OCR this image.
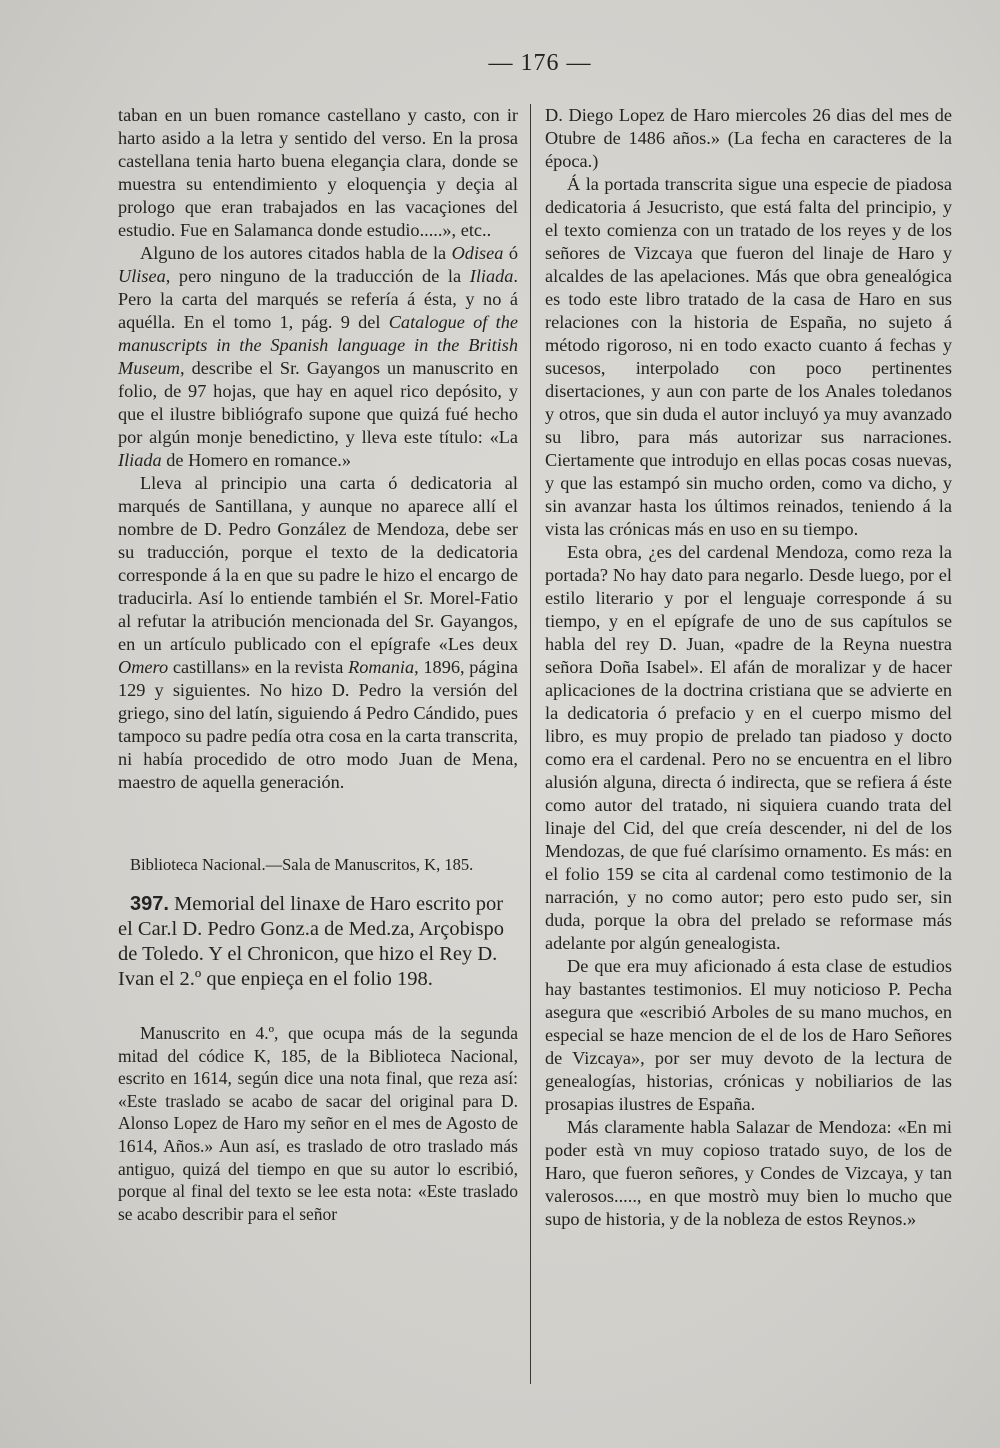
— 176 —

taban en un buen romance castellano y casto, con ir harto asido a la letra y sentido del verso. En la prosa castellana tenia harto buena elegançia clara, donde se muestra su entendimiento y eloquençia y deçia al prologo que eran trabajados en las vacaçiones del estudio. Fue en Salamanca donde estudio.....», etc..

Alguno de los autores citados habla de la Odisea ó Ulisea, pero ninguno de la traducción de la Iliada. Pero la carta del marqués se refería á ésta, y no á aquélla. En el tomo 1, pág. 9 del Catalogue of the manuscripts in the Spanish language in the British Museum, describe el Sr. Gayangos un manuscrito en folio, de 97 hojas, que hay en aquel rico depósito, y que el ilustre bibliógrafo supone que quizá fué hecho por algún monje benedictino, y lleva este título: «La Iliada de Homero en romance.»

Lleva al principio una carta ó dedicatoria al marqués de Santillana, y aunque no aparece allí el nombre de D. Pedro González de Mendoza, debe ser su traducción, porque el texto de la dedicatoria corresponde á la en que su padre le hizo el encargo de traducirla. Así lo entiende también el Sr. Morel-Fatio al refutar la atribución mencionada del Sr. Gayangos, en un artículo publicado con el epígrafe «Les deux Omero castillans» en la revista Romania, 1896, página 129 y siguientes. No hizo D. Pedro la versión del griego, sino del latín, siguiendo á Pedro Cándido, pues tampoco su padre pedía otra cosa en la carta transcrita, ni había procedido de otro modo Juan de Mena, maestro de aquella generación.

Biblioteca Nacional.—Sala de Manuscritos, K, 185.

397. Memorial del linaxe de Haro escrito por el Car.l D. Pedro Gonz.a de Med.za, Arçobispo de Toledo. Y el Chronicon, que hizo el Rey D. Ivan el 2.º que enpieça en el folio 198.

Manuscrito en 4.º, que ocupa más de la segunda mitad del códice K, 185, de la Biblioteca Nacional, escrito en 1614, según dice una nota final, que reza así: «Este traslado se acabo de sacar del original para D. Alonso Lopez de Haro my señor en el mes de Agosto de 1614, Años.» Aun así, es traslado de otro traslado más antiguo, quizá del tiempo en que su autor lo escribió, porque al final del texto se lee esta nota: «Este traslado se acabo describir para el señor

D. Diego Lopez de Haro miercoles 26 dias del mes de Otubre de 1486 años.» (La fecha en caracteres de la época.)

Á la portada transcrita sigue una especie de piadosa dedicatoria á Jesucristo, que está falta del principio, y el texto comienza con un tratado de los reyes y de los señores de Vizcaya que fueron del linaje de Haro y alcaldes de las apelaciones. Más que obra genealógica es todo este libro tratado de la casa de Haro en sus relaciones con la historia de España, no sujeto á método rigoroso, ni en todo exacto cuanto á fechas y sucesos, interpolado con poco pertinentes disertaciones, y aun con parte de los Anales toledanos y otros, que sin duda el autor incluyó ya muy avanzado su libro, para más autorizar sus narraciones. Ciertamente que introdujo en ellas pocas cosas nuevas, y que las estampó sin mucho orden, como va dicho, y sin avanzar hasta los últimos reinados, teniendo á la vista las crónicas más en uso en su tiempo.

Esta obra, ¿es del cardenal Mendoza, como reza la portada? No hay dato para negarlo. Desde luego, por el estilo literario y por el lenguaje corresponde á su tiempo, y en el epígrafe de uno de sus capítulos se habla del rey D. Juan, «padre de la Reyna nuestra señora Doña Isabel». El afán de moralizar y de hacer aplicaciones de la doctrina cristiana que se advierte en la dedicatoria ó prefacio y en el cuerpo mismo del libro, es muy propio de prelado tan piadoso y docto como era el cardenal. Pero no se encuentra en el libro alusión alguna, directa ó indirecta, que se refiera á éste como autor del tratado, ni siquiera cuando trata del linaje del Cid, del que creía descender, ni del de los Mendozas, de que fué clarísimo ornamento. Es más: en el folio 159 se cita al cardenal como testimonio de la narración, y no como autor; pero esto pudo ser, sin duda, porque la obra del prelado se reformase más adelante por algún genealogista.

De que era muy aficionado á esta clase de estudios hay bastantes testimonios. El muy noticioso P. Pecha asegura que «escribió Arboles de su mano muchos, en especial se haze mencion de el de los de Haro Señores de Vizcaya», por ser muy devoto de la lectura de genealogías, historias, crónicas y nobiliarios de las prosapias ilustres de España.

Más claramente habla Salazar de Mendoza: «En mi poder està vn muy copioso tratado suyo, de los de Haro, que fueron señores, y Condes de Vizcaya, y tan valerosos....., en que mostrò muy bien lo mucho que supo de historia, y de la nobleza de estos Reynos.»
